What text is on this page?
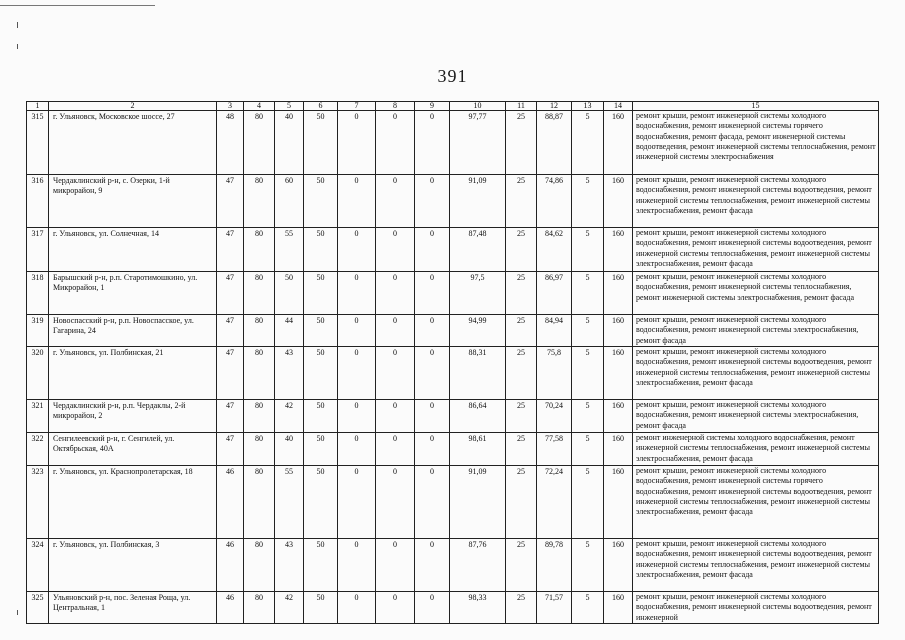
391
1	2	3	4	5	6	7	8	9	10	11	12	13	14	15
315	г. Ульяновск, Московское шоссе, 27	48	80	40	50	0	0	0	97,77	25	88,87	5	160	ремонт крыши, ремонт инженерной системы холодного водоснабжения, ремонт инженерной системы горячего водоснабжения, ремонт фасада, ремонт инженерной системы водоотведения, ремонт инженерной системы теплоснабжения, ремонт инженерной системы электроснабжения
316	Чердаклинский р-н, с. Озерки, 1-й микрорайон, 9	47	80	60	50	0	0	0	91,09	25	74,86	5	160	ремонт крыши, ремонт инженерной системы холодного водоснабжения, ремонт инженерной системы водоотведения, ремонт инженерной системы теплоснабжения, ремонт инженерной системы электроснабжения, ремонт фасада
317	г. Ульяновск, ул. Солнечная, 14	47	80	55	50	0	0	0	87,48	25	84,62	5	160	ремонт крыши, ремонт инженерной системы холодного водоснабжения, ремонт инженерной системы водоотведения, ремонт инженерной системы теплоснабжения, ремонт инженерной системы электроснабжения, ремонт фасада
318	Барышский р-н, р.п. Старотимошкино, ул. Микрорайон, 1	47	80	50	50	0	0	0	97,5	25	86,97	5	160	ремонт крыши, ремонт инженерной системы холодного водоснабжения, ремонт инженерной системы теплоснабжения, ремонт инженерной системы электроснабжения, ремонт фасада
319	Новоспасский р-н, р.п. Новоспасское, ул. Гагарина, 24	47	80	44	50	0	0	0	94,99	25	84,94	5	160	ремонт крыши, ремонт инженерной системы холодного водоснабжения, ремонт инженерной системы электроснабжения, ремонт фасада
320	г. Ульяновск, ул. Полбинская, 21	47	80	43	50	0	0	0	88,31	25	75,8	5	160	ремонт крыши, ремонт инженерной системы холодного водоснабжения, ремонт инженерной системы водоотведения, ремонт инженерной системы теплоснабжения, ремонт инженерной системы электроснабжения, ремонт фасада
321	Чердаклинский р-н, р.п. Чердаклы, 2-й микрорайон, 2	47	80	42	50	0	0	0	86,64	25	70,24	5	160	ремонт крыши, ремонт инженерной системы холодного водоснабжения, ремонт инженерной системы электроснабжения, ремонт фасада
322	Сенгилеевский р-н, г. Сенгилей, ул. Октябрьская, 40А	47	80	40	50	0	0	0	98,61	25	77,58	5	160	ремонт инженерной системы холодного водоснабжения, ремонт инженерной системы теплоснабжения, ремонт инженерной системы электроснабжения, ремонт фасада
323	г. Ульяновск, ул. Краснопролетарская, 18	46	80	55	50	0	0	0	91,09	25	72,24	5	160	ремонт крыши, ремонт инженерной системы холодного водоснабжения, ремонт инженерной системы горячего водоснабжения, ремонт инженерной системы водоотведения, ремонт инженерной системы теплоснабжения, ремонт инженерной системы электроснабжения, ремонт фасада
324	г. Ульяновск, ул. Полбинская, 3	46	80	43	50	0	0	0	87,76	25	89,78	5	160	ремонт крыши, ремонт инженерной системы холодного водоснабжения, ремонт инженерной системы водоотведения, ремонт инженерной системы теплоснабжения, ремонт инженерной системы электроснабжения, ремонт фасада
325	Ульяновский р-н, пос. Зеленая Роща, ул. Центральная, 1	46	80	42	50	0	0	0	98,33	25	71,57	5	160	ремонт крыши, ремонт инженерной системы холодного водоснабжения, ремонт инженерной системы водоотведения, ремонт инженерной
